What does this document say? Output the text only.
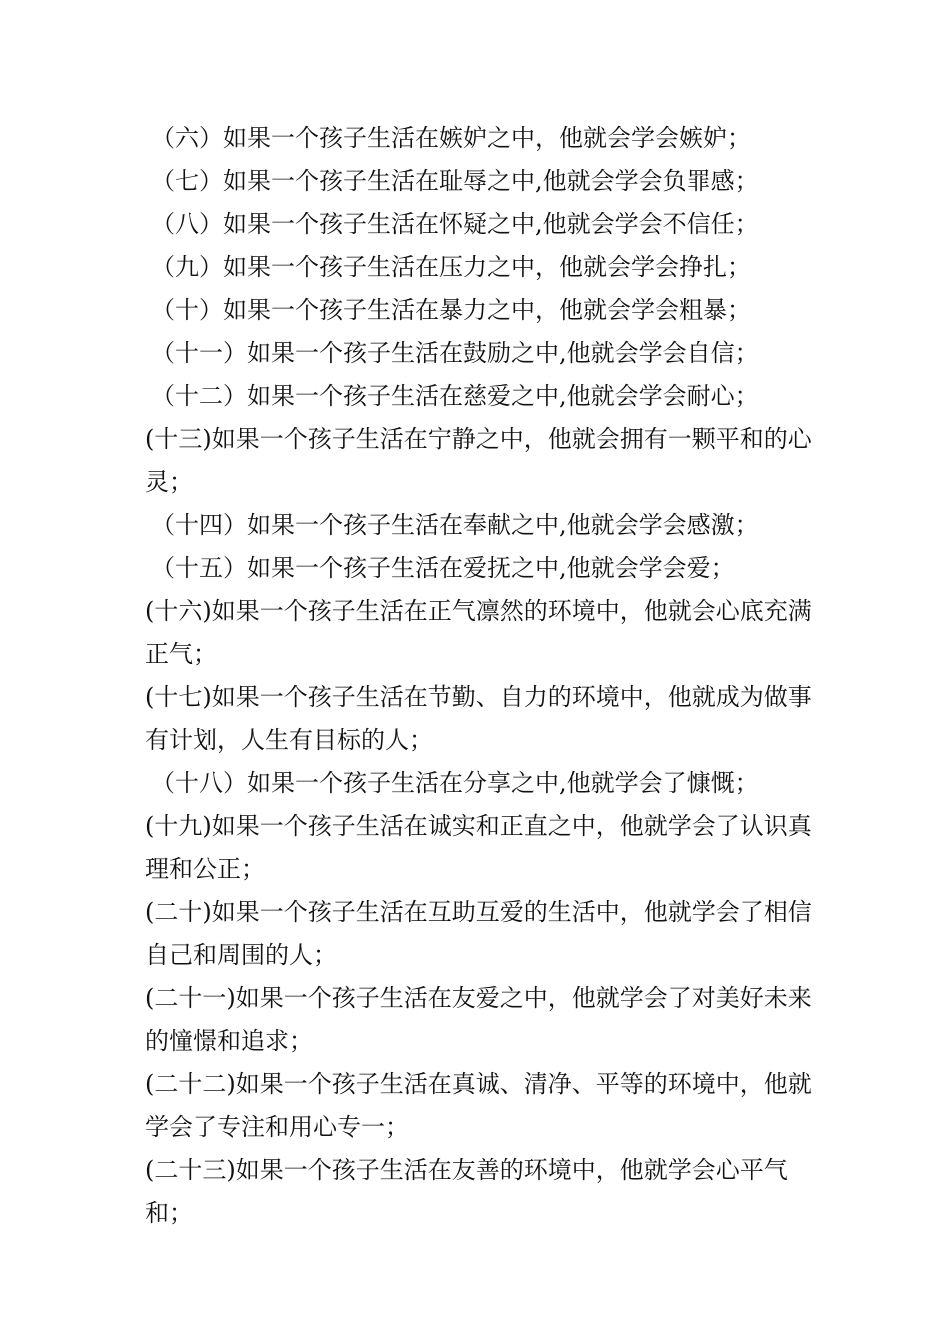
（六）如果一个孩子生活在嫉妒之中，他就会学会嫉妒；

（七）如果一个孩子生活在耻辱之中,他就会学会负罪感；

（八）如果一个孩子生活在怀疑之中,他就会学会不信任；

（九）如果一个孩子生活在压力之中，他就会学会挣扎；

（十）如果一个孩子生活在暴力之中，他就会学会粗暴；

（十一）如果一个孩子生活在鼓励之中,他就会学会自信；

（十二）如果一个孩子生活在慈爱之中,他就会学会耐心；

(十三)如果一个孩子生活在宁静之中，他就会拥有一颗平和的心灵；

（十四）如果一个孩子生活在奉献之中,他就会学会感激；

（十五）如果一个孩子生活在爱抚之中,他就会学会爱；

(十六)如果一个孩子生活在正气凛然的环境中，他就会心底充满正气；

(十七)如果一个孩子生活在节勤、自力的环境中，他就成为做事有计划，人生有目标的人；

（十八）如果一个孩子生活在分享之中,他就学会了慷慨；

(十九)如果一个孩子生活在诚实和正直之中，他就学会了认识真理和公正；

(二十)如果一个孩子生活在互助互爱的生活中，他就学会了相信自己和周围的人；

(二十一)如果一个孩子生活在友爱之中，他就学会了对美好未来的憧憬和追求；

(二十二)如果一个孩子生活在真诚、清净、平等的环境中，他就学会了专注和用心专一；

(二十三)如果一个孩子生活在友善的环境中，他就学会心平气和；
